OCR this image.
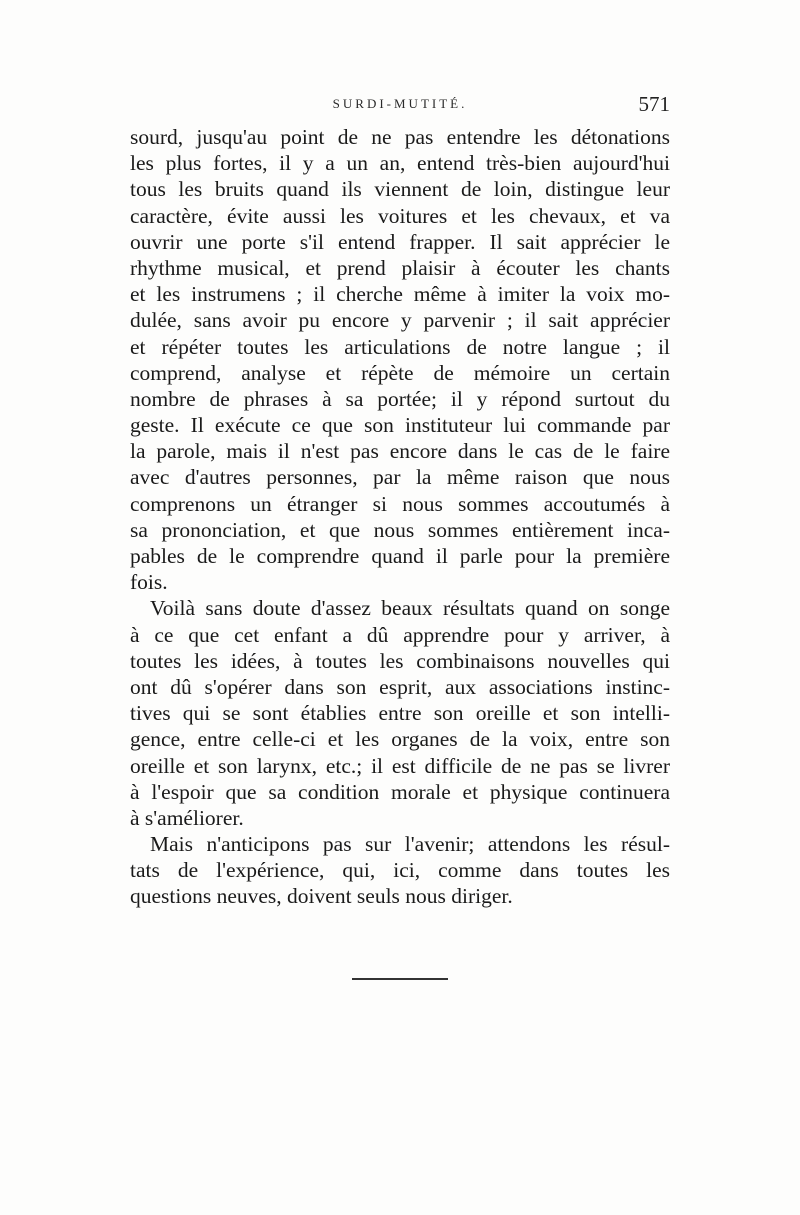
SURDI-MUTITÉ.	571
sourd, jusqu'au point de ne pas entendre les détonations
les plus fortes, il y a un an, entend très-bien aujourd'hui
tous les bruits quand ils viennent de loin, distingue leur
caractère, évite aussi les voitures et les chevaux, et va
ouvrir une porte s'il entend frapper. Il sait apprécier le
rhythme musical, et prend plaisir à écouter les chants
et les instrumens ; il cherche même à imiter la voix mo-
dulée, sans avoir pu encore y parvenir ; il sait apprécier
et répéter toutes les articulations de notre langue ; il
comprend, analyse et répète de mémoire un certain
nombre de phrases à sa portée; il y répond surtout du
geste. Il exécute ce que son instituteur lui commande par
la parole, mais il n'est pas encore dans le cas de le faire
avec d'autres personnes, par la même raison que nous
comprenons un étranger si nous sommes accoutumés à
sa prononciation, et que nous sommes entièrement inca-
pables de le comprendre quand il parle pour la première
fois.
Voilà sans doute d'assez beaux résultats quand on songe
à ce que cet enfant a dû apprendre pour y arriver, à
toutes les idées, à toutes les combinaisons nouvelles qui
ont dû s'opérer dans son esprit, aux associations instinc-
tives qui se sont établies entre son oreille et son intelli-
gence, entre celle-ci et les organes de la voix, entre son
oreille et son larynx, etc.; il est difficile de ne pas se livrer
à l'espoir que sa condition morale et physique continuera
à s'améliorer.
Mais n'anticipons pas sur l'avenir; attendons les résul-
tats de l'expérience, qui, ici, comme dans toutes les
questions neuves, doivent seuls nous diriger.
